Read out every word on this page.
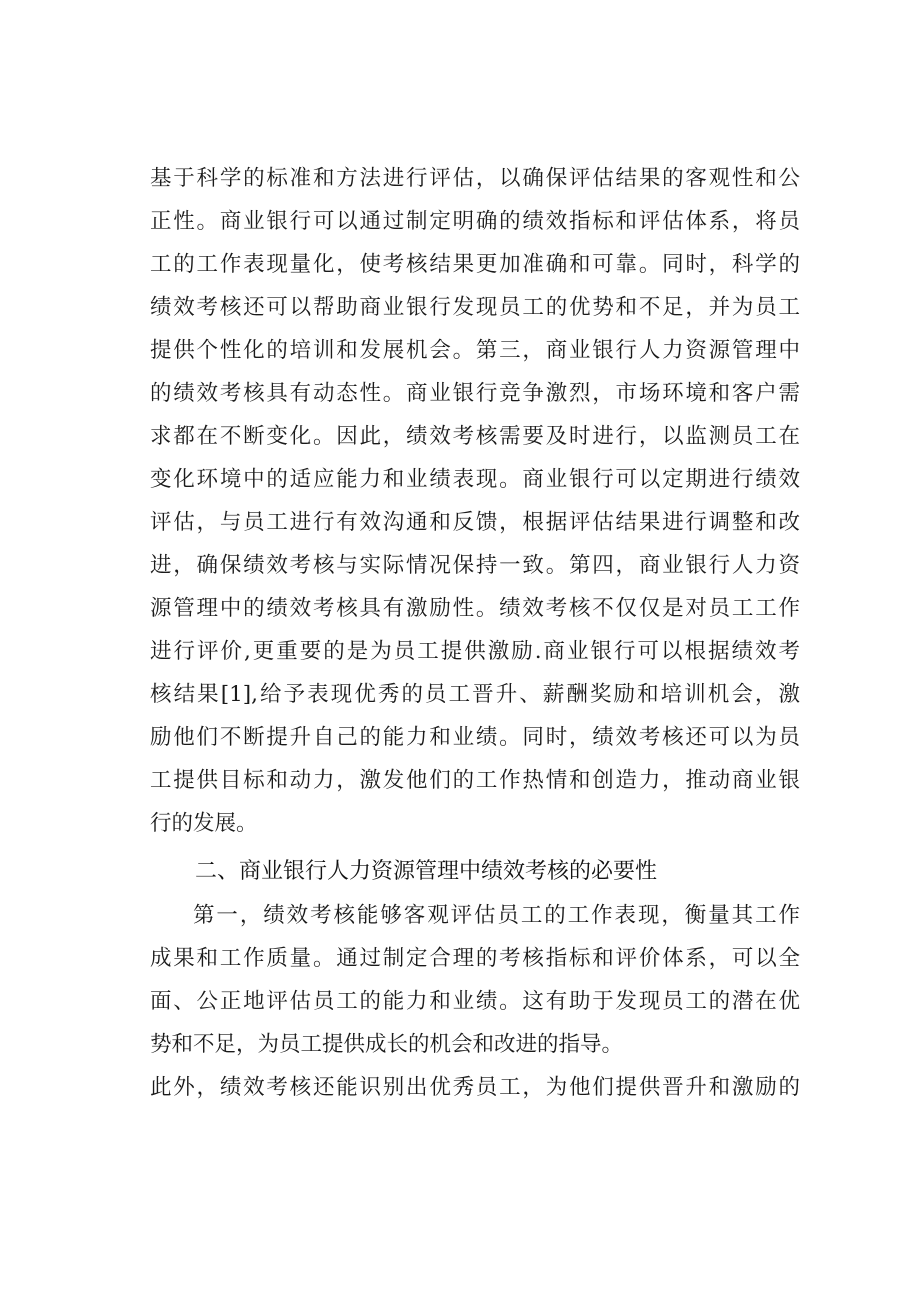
基于科学的标准和方法进行评估，以确保评估结果的客观性和公
正性。商业银行可以通过制定明确的绩效指标和评估体系，将员
工的工作表现量化，使考核结果更加准确和可靠。同时，科学的
绩效考核还可以帮助商业银行发现员工的优势和不足，并为员工
提供个性化的培训和发展机会。第三，商业银行人力资源管理中
的绩效考核具有动态性。商业银行竞争激烈，市场环境和客户需
求都在不断变化。因此，绩效考核需要及时进行，以监测员工在
变化环境中的适应能力和业绩表现。商业银行可以定期进行绩效
评估，与员工进行有效沟通和反馈，根据评估结果进行调整和改
进，确保绩效考核与实际情况保持一致。第四，商业银行人力资
源管理中的绩效考核具有激励性。绩效考核不仅仅是对员工工作
进行评价,更重要的是为员工提供激励.商业银行可以根据绩效考
核结果[1],给予表现优秀的员工晋升、薪酬奖励和培训机会，激
励他们不断提升自己的能力和业绩。同时，绩效考核还可以为员
工提供目标和动力，激发他们的工作热情和创造力，推动商业银
行的发展。
二、商业银行人力资源管理中绩效考核的必要性
第一，绩效考核能够客观评估员工的工作表现，衡量其工作
成果和工作质量。通过制定合理的考核指标和评价体系，可以全
面、公正地评估员工的能力和业绩。这有助于发现员工的潜在优
势和不足，为员工提供成长的机会和改进的指导。
此外，绩效考核还能识别出优秀员工，为他们提供晋升和激励的
